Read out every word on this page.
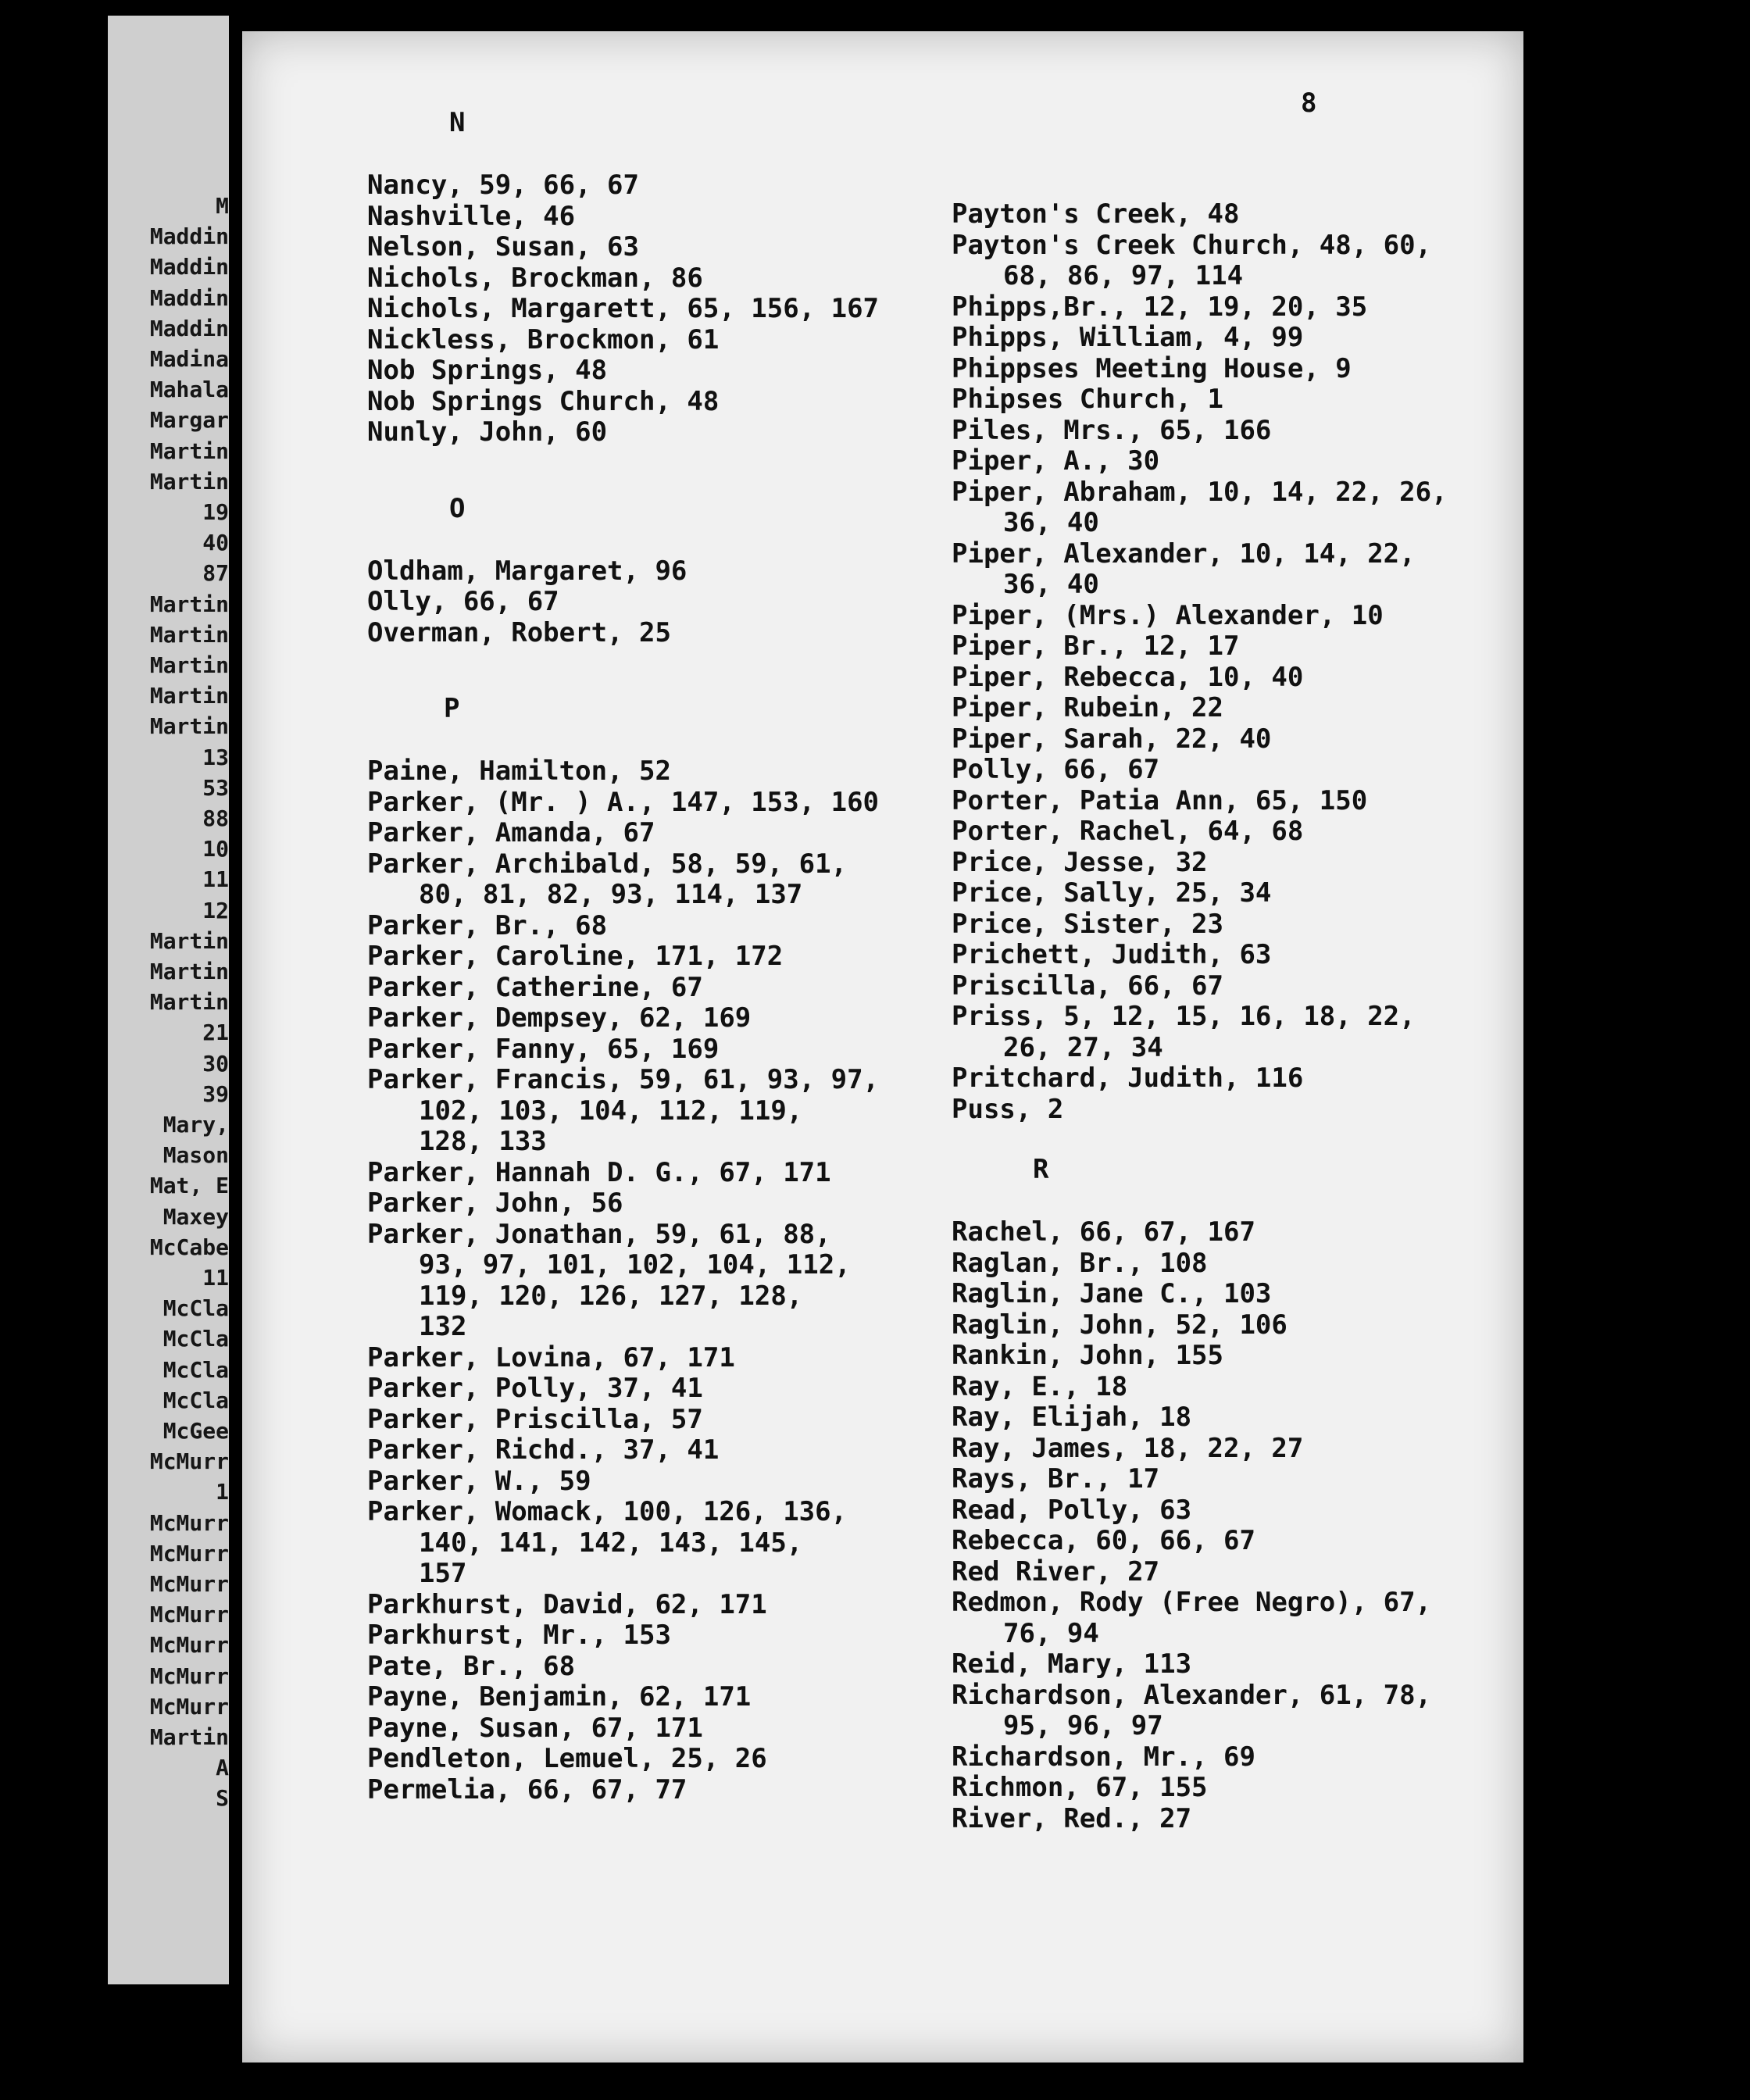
M
Maddin
Maddin
Maddin
Maddin
Madina
Mahala
Margar
Martin
Martin
19
40
87
Martin
Martin
Martin
Martin
Martin
13
53
88
10
11
12
Martin
Martin
Martin
21
30
39
Mary,
Mason
Mat, E
Maxey
McCabe
11
McCla
McCla
McCla
McCla
McGee
McMurr
1
McMurr
McMurr
McMurr
McMurr
McMurr
McMurr
McMurr
Martin
A
S
8
N
Nancy, 59, 66, 67
Nashville, 46
Nelson, Susan, 63
Nichols, Brockman, 86
Nichols, Margarett, 65, 156, 167
Nickless, Brockmon, 61
Nob Springs, 48
Nob Springs Church, 48
Nunly, John, 60
O
Oldham, Margaret, 96
Olly, 66, 67
Overman, Robert, 25
P
Paine, Hamilton, 52
Parker, (Mr. ) A., 147, 153, 160
Parker, Amanda, 67
Parker, Archibald, 58, 59, 61,
80, 81, 82, 93, 114, 137
Parker, Br., 68
Parker, Caroline, 171, 172
Parker, Catherine, 67
Parker, Dempsey, 62, 169
Parker, Fanny, 65, 169
Parker, Francis, 59, 61, 93, 97,
102, 103, 104, 112, 119,
128, 133
Parker, Hannah D. G., 67, 171
Parker, John, 56
Parker, Jonathan, 59, 61, 88,
93, 97, 101, 102, 104, 112,
119, 120, 126, 127, 128,
132
Parker, Lovina, 67, 171
Parker, Polly, 37, 41
Parker, Priscilla, 57
Parker, Richd., 37, 41
Parker, W., 59
Parker, Womack, 100, 126, 136,
140, 141, 142, 143, 145,
157
Parkhurst, David, 62, 171
Parkhurst, Mr., 153
Pate, Br., 68
Payne, Benjamin, 62, 171
Payne, Susan, 67, 171
Pendleton, Lemuel, 25, 26
Permelia, 66, 67, 77
Payton's Creek, 48
Payton's Creek Church, 48, 60,
68, 86, 97, 114
Phipps,Br., 12, 19, 20, 35
Phipps, William, 4, 99
Phippses Meeting House, 9
Phipses Church, 1
Piles, Mrs., 65, 166
Piper, A., 30
Piper, Abraham, 10, 14, 22, 26,
36, 40
Piper, Alexander, 10, 14, 22,
36, 40
Piper, (Mrs.) Alexander, 10
Piper, Br., 12, 17
Piper, Rebecca, 10, 40
Piper, Rubein, 22
Piper, Sarah, 22, 40
Polly, 66, 67
Porter, Patia Ann, 65, 150
Porter, Rachel, 64, 68
Price, Jesse, 32
Price, Sally, 25, 34
Price, Sister, 23
Prichett, Judith, 63
Priscilla, 66, 67
Priss, 5, 12, 15, 16, 18, 22,
26, 27, 34
Pritchard, Judith, 116
Puss, 2
R
Rachel, 66, 67, 167
Raglan, Br., 108
Raglin, Jane C., 103
Raglin, John, 52, 106
Rankin, John, 155
Ray, E., 18
Ray, Elijah, 18
Ray, James, 18, 22, 27
Rays, Br., 17
Read, Polly, 63
Rebecca, 60, 66, 67
Red River, 27
Redmon, Rody (Free Negro), 67,
76, 94
Reid, Mary, 113
Richardson, Alexander, 61, 78,
95, 96, 97
Richardson, Mr., 69
Richmon, 67, 155
River, Red., 27
